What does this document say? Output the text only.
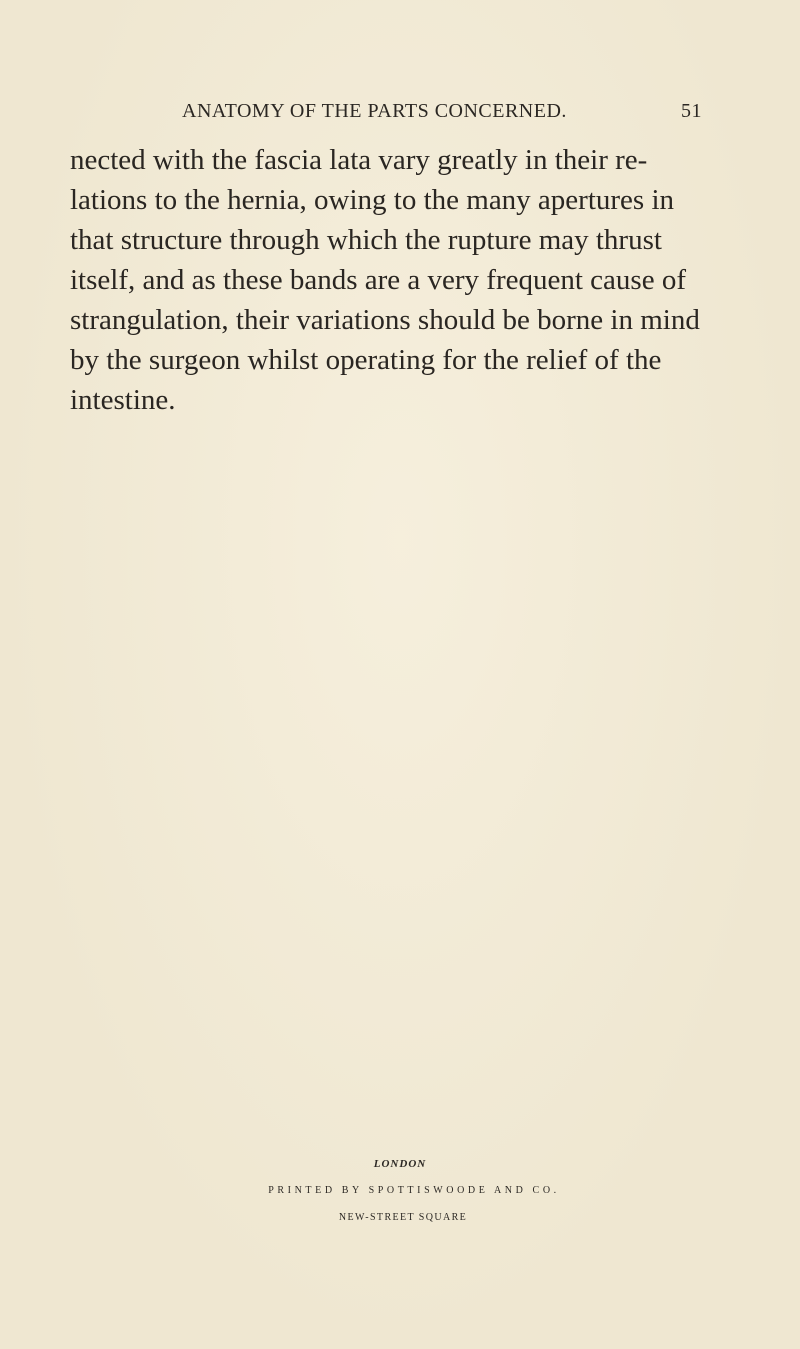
ANATOMY OF THE PARTS CONCERNED.	51
nected with the fascia lata vary greatly in their re-
lations to the hernia, owing to the many apertures in
that structure through which the rupture may thrust
itself, and as these bands are a very frequent cause of
strangulation, their variations should be borne in mind
by the surgeon whilst operating for the relief of the
intestine.
LONDON
PRINTED BY SPOTTISWOODE AND CO.
NEW-STREET SQUARE
